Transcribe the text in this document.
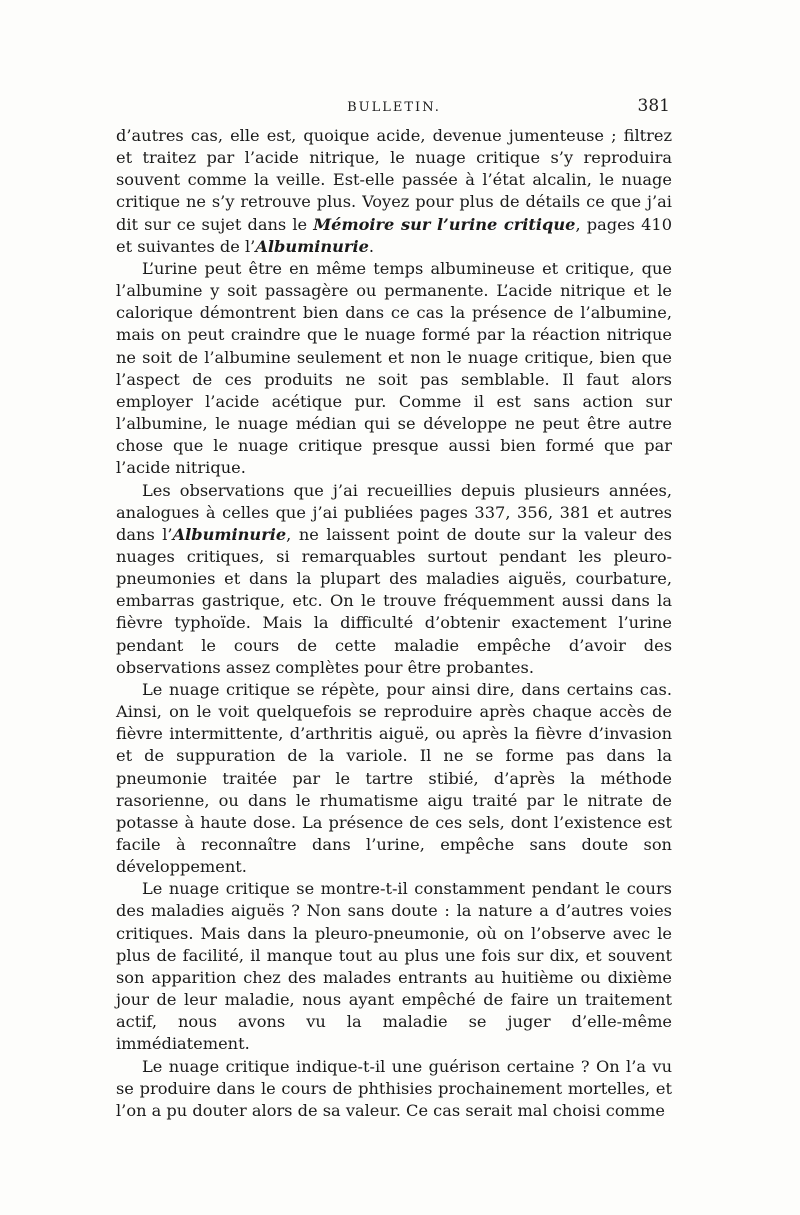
BULLETIN.	381

d’autres cas, elle est, quoique acide, devenue jumenteuse ; filtrez et traitez par l’acide nitrique, le nuage critique s’y reproduira souvent comme la veille. Est-elle passée à l’état alcalin, le nuage critique ne s’y retrouve plus. Voyez pour plus de détails ce que j’ai dit sur ce sujet dans le Mémoire sur l’urine critique, pages 410 et suivantes de l’Albuminurie.

L’urine peut être en même temps albumineuse et critique, que l’albumine y soit passagère ou permanente. L’acide nitrique et le calorique démontrent bien dans ce cas la présence de l’albumine, mais on peut craindre que le nuage formé par la réaction nitrique ne soit de l’albumine seulement et non le nuage critique, bien que l’aspect de ces produits ne soit pas semblable. Il faut alors employer l’acide acétique pur. Comme il est sans action sur l’albumine, le nuage médian qui se développe ne peut être autre chose que le nuage critique presque aussi bien formé que par l’acide nitrique.

Les observations que j’ai recueillies depuis plusieurs années, analogues à celles que j’ai publiées pages 337, 356, 381 et autres dans l’Albuminurie, ne laissent point de doute sur la valeur des nuages critiques, si remarquables surtout pendant les pleuro-pneumonies et dans la plupart des maladies aiguës, courbature, embarras gastrique, etc. On le trouve fréquemment aussi dans la fièvre typhoïde. Mais la difficulté d’obtenir exactement l’urine pendant le cours de cette maladie empêche d’avoir des observations assez complètes pour être probantes.

Le nuage critique se répète, pour ainsi dire, dans certains cas. Ainsi, on le voit quelquefois se reproduire après chaque accès de fièvre intermittente, d’arthritis aiguë, ou après la fièvre d’invasion et de suppuration de la variole. Il ne se forme pas dans la pneumonie traitée par le tartre stibié, d’après la méthode rasorienne, ou dans le rhumatisme aigu traité par le nitrate de potasse à haute dose. La présence de ces sels, dont l’existence est facile à reconnaître dans l’urine, empêche sans doute son développement.

Le nuage critique se montre-t-il constamment pendant le cours des maladies aiguës ? Non sans doute : la nature a d’autres voies critiques. Mais dans la pleuro-pneumonie, où on l’observe avec le plus de facilité, il manque tout au plus une fois sur dix, et souvent son apparition chez des malades entrants au huitième ou dixième jour de leur maladie, nous ayant empêché de faire un traitement actif, nous avons vu la maladie se juger d’elle-même immédiatement.

Le nuage critique indique-t-il une guérison certaine ? On l’a vu se produire dans le cours de phthisies prochainement mortelles, et l’on a pu douter alors de sa valeur. Ce cas serait mal choisi comme
